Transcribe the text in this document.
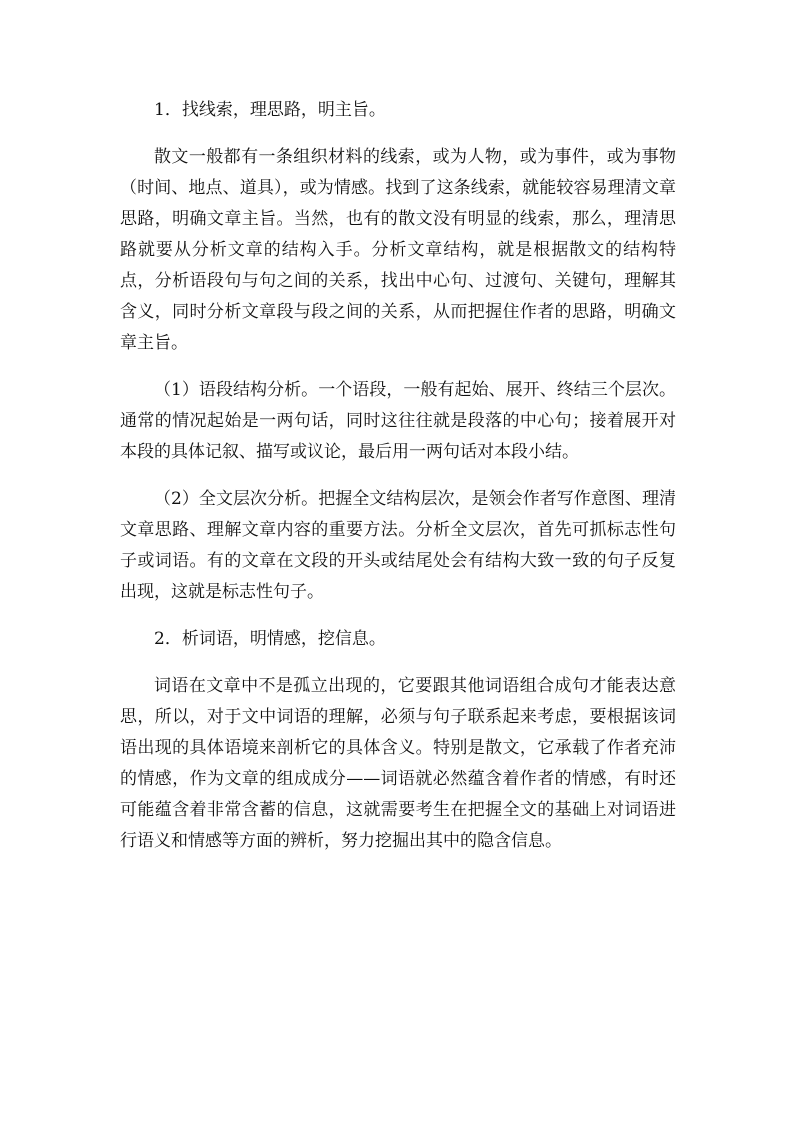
1．找线索，理思路，明主旨。

散文一般都有一条组织材料的线索，或为人物，或为事件，或为事物（时间、地点、道具），或为情感。找到了这条线索，就能较容易理清文章思路，明确文章主旨。当然，也有的散文没有明显的线索，那么，理清思路就要从分析文章的结构入手。分析文章结构，就是根据散文的结构特点，分析语段句与句之间的关系，找出中心句、过渡句、关键句，理解其含义，同时分析文章段与段之间的关系，从而把握住作者的思路，明确文章主旨。

（1）语段结构分析。一个语段，一般有起始、展开、终结三个层次。通常的情况起始是一两句话，同时这往往就是段落的中心句；接着展开对本段的具体记叙、描写或议论，最后用一两句话对本段小结。

（2）全文层次分析。把握全文结构层次，是领会作者写作意图、理清文章思路、理解文章内容的重要方法。分析全文层次，首先可抓标志性句子或词语。有的文章在文段的开头或结尾处会有结构大致一致的句子反复出现，这就是标志性句子。

2．析词语，明情感，挖信息。

词语在文章中不是孤立出现的，它要跟其他词语组合成句才能表达意思，所以，对于文中词语的理解，必须与句子联系起来考虑，要根据该词语出现的具体语境来剖析它的具体含义。特别是散文，它承载了作者充沛的情感，作为文章的组成成分——词语就必然蕴含着作者的情感，有时还可能蕴含着非常含蓄的信息，这就需要考生在把握全文的基础上对词语进行语义和情感等方面的辨析，努力挖掘出其中的隐含信息。
